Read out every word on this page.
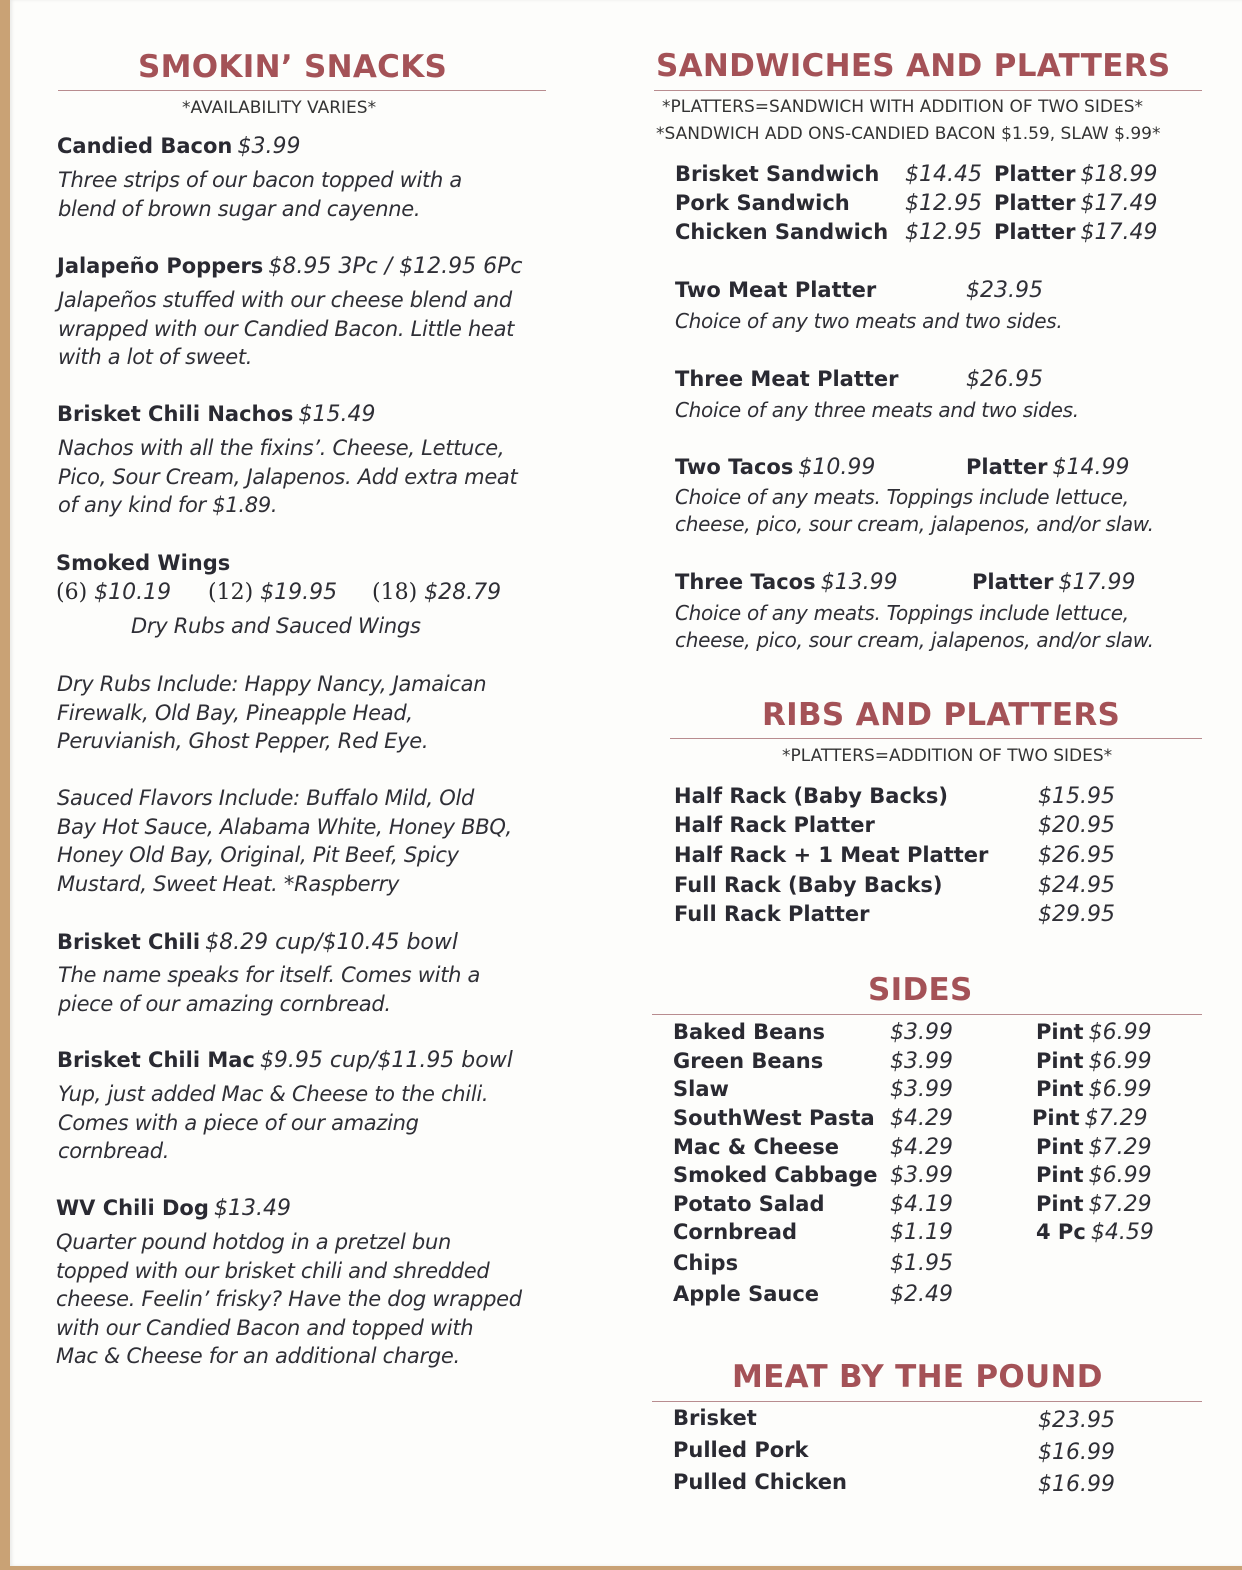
SMOKIN’ SNACKS
*AVAILABILITY VARIES*
Candied Bacon $3.99
Three strips of our bacon topped with a
blend of brown sugar and cayenne.
Jalapeño Poppers $8.95 3Pc / $12.95 6Pc
Jalapeños stuffed with our cheese blend and
wrapped with our Candied Bacon. Little heat
with a lot of sweet.
Brisket Chili Nachos $15.49
Nachos with all the fixins’. Cheese, Lettuce,
Pico, Sour Cream, Jalapenos. Add extra meat
of any kind for $1.89.
Smoked Wings
(6) $10.19 (12) $19.95 (18) $28.79
Dry Rubs and Sauced Wings
Dry Rubs Include: Happy Nancy, Jamaican
Firewalk, Old Bay, Pineapple Head,
Peruvianish, Ghost Pepper, Red Eye.
Sauced Flavors Include: Buffalo Mild, Old
Bay Hot Sauce, Alabama White, Honey BBQ,
Honey Old Bay, Original, Pit Beef, Spicy
Mustard, Sweet Heat. *Raspberry
Brisket Chili $8.29 cup/$10.45 bowl
The name speaks for itself. Comes with a
piece of our amazing cornbread.
Brisket Chili Mac $9.95 cup/$11.95 bowl
Yup, just added Mac & Cheese to the chili.
Comes with a piece of our amazing
cornbread.
WV Chili Dog $13.49
Quarter pound hotdog in a pretzel bun
topped with our brisket chili and shredded
cheese. Feelin’ frisky? Have the dog wrapped
with our Candied Bacon and topped with
Mac & Cheese for an additional charge.
SANDWICHES AND PLATTERS
*PLATTERS=SANDWICH WITH ADDITION OF TWO SIDES*
*SANDWICH ADD ONS-CANDIED BACON $1.59, SLAW $.99*
Brisket Sandwich $14.45 Platter $18.99
Pork Sandwich	$12.95 Platter $17.49
Chicken Sandwich $12.95 Platter $17.49
Two Meat Platter	$23.95
Choice of any two meats and two sides.
Three Meat Platter	$26.95
Choice of any three meats and two sides.
Two Tacos $10.99	Platter $14.99
Choice of any meats. Toppings include lettuce,
cheese, pico, sour cream, jalapenos, and/or slaw.
Three Tacos $13.99	Platter $17.99
Choice of any meats. Toppings include lettuce,
cheese, pico, sour cream, jalapenos, and/or slaw.
RIBS AND PLATTERS
*PLATTERS=ADDITION OF TWO SIDES*
Half Rack (Baby Backs)	$15.95
Half Rack Platter	$20.95
Half Rack + 1 Meat Platter $26.95
Full Rack (Baby Backs)	$24.95
Full Rack Platter	$29.95
SIDES
Baked Beans	$3.99	Pint $6.99
Green Beans	$3.99	Pint $6.99
Slaw	$3.99	Pint $6.99
SouthWest Pasta $4.29	Pint $7.29
Mac & Cheese $4.29	Pint $7.29
Smoked Cabbage $3.99	Pint $6.99
Potato Salad	$4.19	Pint $7.29
Cornbread	$1.19	4 Pc $4.59
Chips	$1.95
Apple Sauce	$2.49
MEAT BY THE POUND
Brisket	$23.95
Pulled Pork	$16.99
Pulled Chicken	$16.99
